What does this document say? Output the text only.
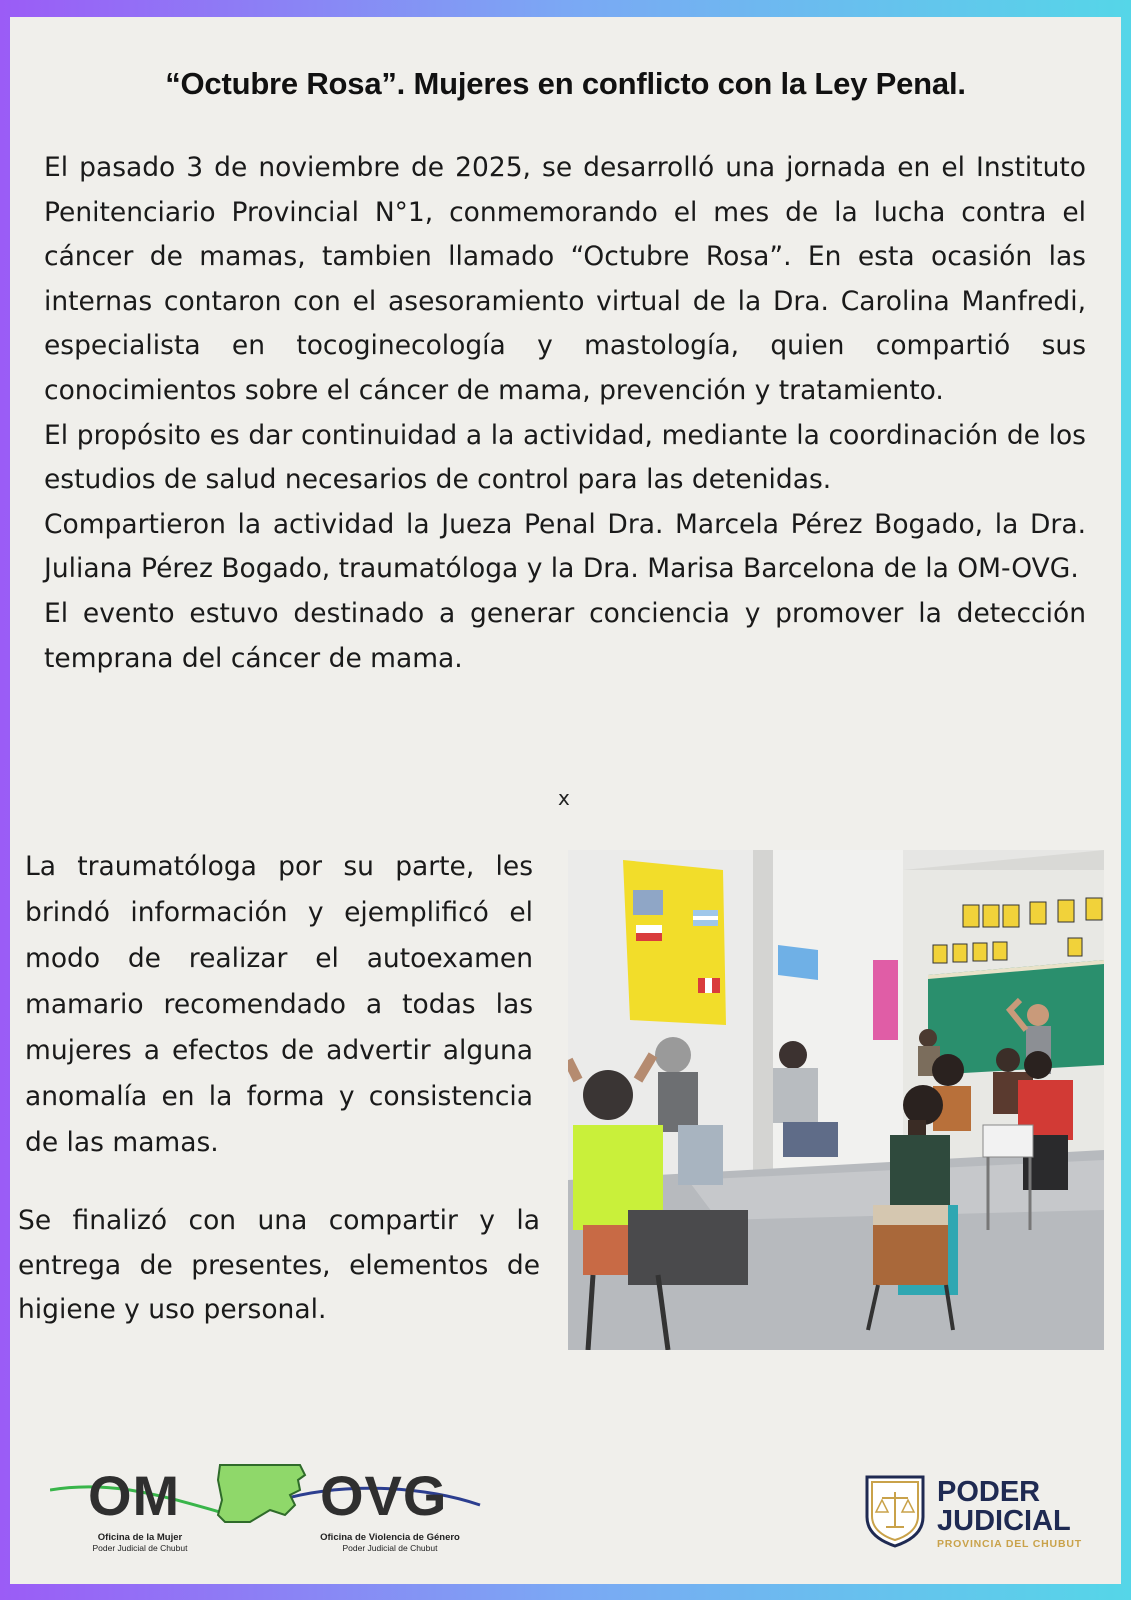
“Octubre Rosa”. Mujeres en conflicto con la Ley Penal.

El pasado 3 de noviembre de 2025, se desarrolló una jornada en el Instituto Penitenciario Provincial N°1, conmemorando el mes de la lucha contra el cáncer de mamas, tambien llamado “Octubre Rosa”. En esta ocasión las internas contaron con el asesoramiento virtual de la Dra. Carolina Manfredi, especialista en tocoginecología y mastología, quien compartió sus conocimientos sobre el cáncer de mama, prevención y tratamiento.

El propósito es dar continuidad a la actividad, mediante la coordinación de los estudios de salud necesarios de control para las detenidas.

Compartieron la actividad la Jueza Penal Dra. Marcela Pérez Bogado, la Dra. Juliana Pérez Bogado, traumatóloga y la Dra. Marisa Barcelona de la OM-OVG.

El evento estuvo destinado a generar conciencia y promover la detección temprana del cáncer de mama.

x

La traumatóloga por su parte, les brindó información y ejemplificó el modo de realizar el autoexamen mamario recomendado a todas las mujeres a efectos de advertir alguna anomalía en la forma y consistencia de las mamas.

Se finalizó con una compartir y la entrega de presentes, elementos de higiene y uso personal.

OM OVG
Oficina de la Mujer
Poder Judicial de Chubut
Oficina de Violencia de Género
Poder Judicial de Chubut
PODER
JUDICIAL
PROVINCIA DEL CHUBUT
